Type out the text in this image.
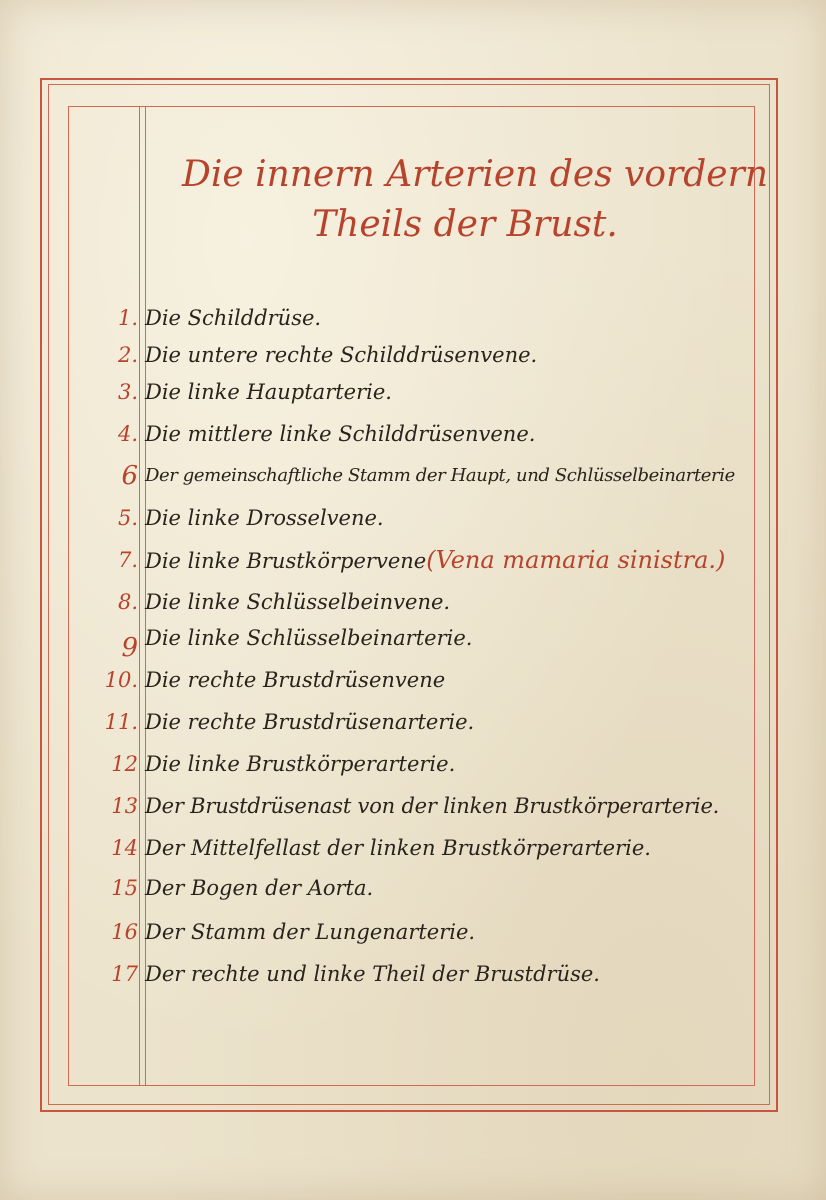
Die innern Arterien des vordern

Theils der Brust.
1. Die Schilddrüse.
2. Die untere rechte Schilddrüsenvene.
3. Die linke Hauptarterie.
4. Die mittlere linke Schilddrüsenvene.
6 Der gemeinschaftliche Stamm der Haupt, und Schlüsselbeinarterie
5. Die linke Drosselvene.
7. Die linke Brustkörpervene(Vena mamaria sinistra.)
8. Die linke Schlüsselbeinvene.
9 Die linke Schlüsselbeinarterie.
10. Die rechte Brustdrüsenvene
11. Die rechte Brustdrüsenarterie.
12 Die linke Brustkörperarterie.
13 Der Brustdrüsenast von der linken Brustkörperarterie.
14 Der Mittelfellast der linken Brustkörperarterie.
15 Der Bogen der Aorta.
16 Der Stamm der Lungenarterie.
17 Der rechte und linke Theil der Brustdrüse.
